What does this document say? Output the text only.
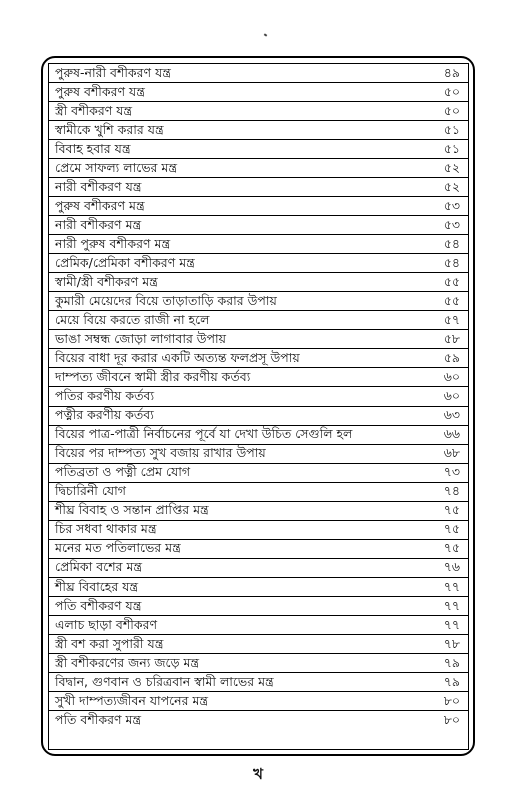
পুরুষ-নারী বশীকরণ যন্ত্র	৪৯
পুরুষ বশীকরণ যন্ত্র	৫০
স্ত্রী বশীকরণ যন্ত্র	৫০
স্বামীকে খুশি করার যন্ত্র	৫১
বিবাহ হবার যন্ত্র	৫১
প্রেমে সাফল্য লাভের মন্ত্র	৫২
নারী বশীকরণ যন্ত্র	৫২
পুরুষ বশীকরণ মন্ত্র	৫৩
নারী বশীকরণ মন্ত্র	৫৩
নারী পুরুষ বশীকরণ মন্ত্র	৫৪
প্রেমিক/প্রেমিকা বশীকরণ মন্ত্র	৫৪
স্বামী/স্ত্রী বশীকরণ মন্ত্র	৫৫
কুমারী মেয়েদের বিয়ে তাড়াতাড়ি করার উপায়	৫৫
মেয়ে বিয়ে করতে রাজী না হলে	৫৭
ভাঙা সম্বন্ধ জোড়া লাগাবার উপায়	৫৮
বিয়ের বাধা দূর করার একটি অত্যন্ত ফলপ্রসূ উপায়	৫৯
দাম্পত্য জীবনে স্বামী স্ত্রীর করণীয় কর্তব্য	৬০
পতির করণীয় কর্তব্য	৬০
পত্নীর করণীয় কর্তব্য	৬৩
বিয়ের পাত্র-পাত্রী নির্বাচনের পূর্বে যা দেখা উচিত সেগুলি হল	৬৬
বিয়ের পর দাম্পত্য সুখ বজায় রাখার উপায়	৬৮
পতিব্রতা ও পত্নী প্রেম যোগ	৭৩
দ্বিচারিনী যোগ	৭৪
শীঘ্র বিবাহ ও সন্তান প্রাপ্তির মন্ত্র	৭৫
চির সধবা থাকার মন্ত্র	৭৫
মনের মত পতিলাভের মন্ত্র	৭৫
প্রেমিকা বশের মন্ত্র	৭৬
শীঘ্র বিবাহের যন্ত্র	৭৭
পতি বশীকরণ যন্ত্র	৭৭
এলাচ ছাড়া বশীকরণ	৭৭
স্ত্রী বশ করা সুপারী যন্ত্র	৭৮
স্ত্রী বশীকরণের জন্য জড়ে মন্ত্র	৭৯
বিদ্বান, গুণবান ও চরিত্রবান স্বামী লাভের মন্ত্র	৭৯
সুখী দাম্পত্যজীবন যাপনের মন্ত্র	৮০
পতি বশীকরণ মন্ত্র	৮০
খ
